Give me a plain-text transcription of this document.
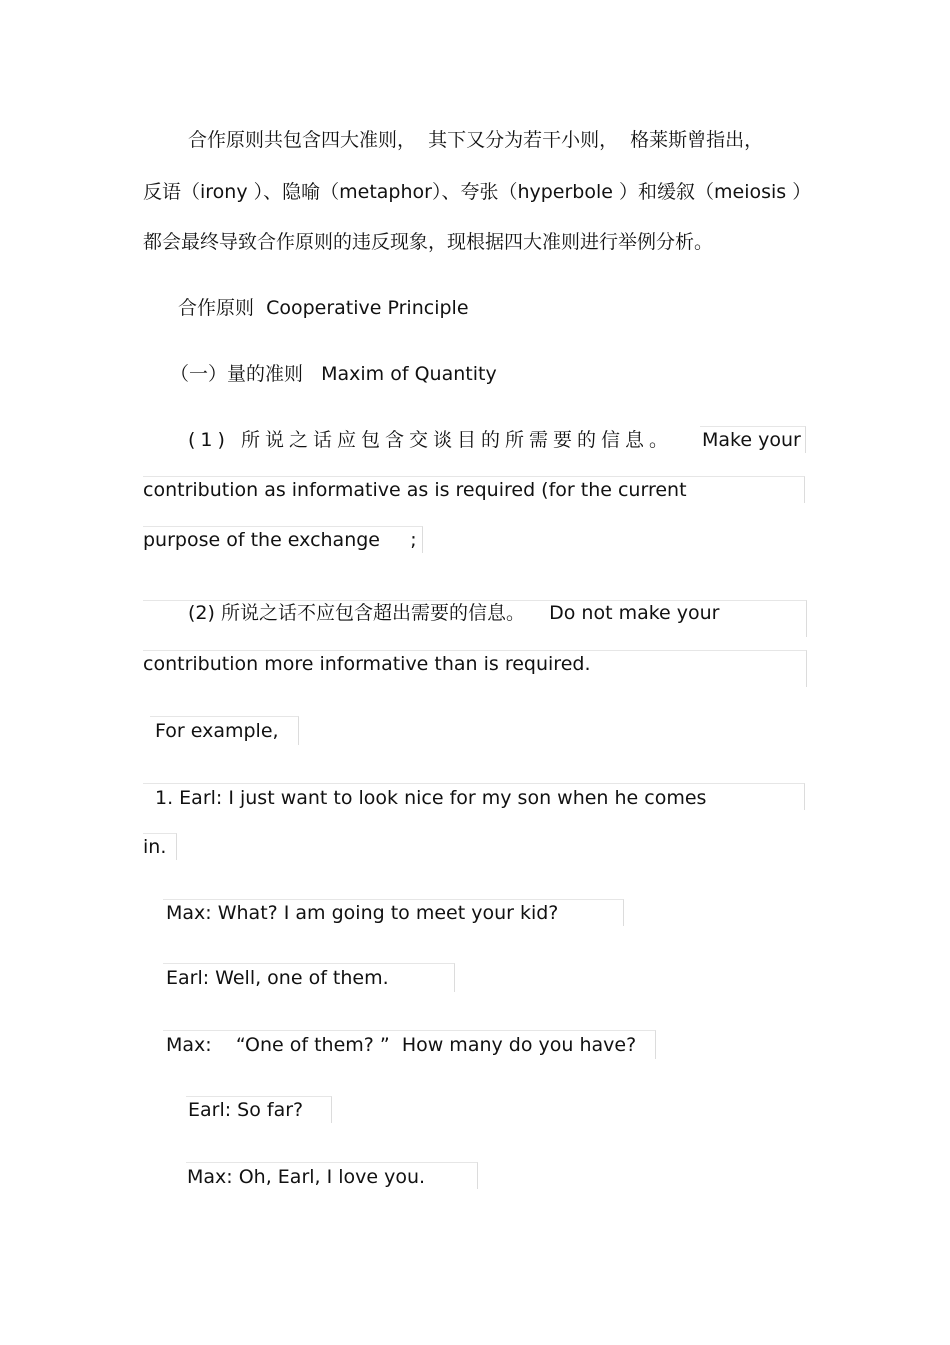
合作原则共包含四大准则，  其下又分为若干小则，  格莱斯曾指出，
反语（irony ）、隐喻（metaphor）、夸张（hyperbole ）和缓叙（meiosis ）
都会最终导致合作原则的违反现象，现根据四大准则进行举例分析。
合作原则  Cooperative Principle
（一）量的准则   Maxim of Quantity
(1) 所说之话应包含交谈目的所需要的信息。 Make your
contribution as informative as is required (for the current
purpose of the exchange     ;
(2) 所说之话不应包含超出需要的信息。    Do not make your
contribution more informative than is required.
For example,
1. Earl: I just want to look nice for my son when he comes
in.
Max: What? I am going to meet your kid?
Earl: Well, one of them.
Max:    “One of them? ”  How many do you have?
Earl: So far?
Max: Oh, Earl, I love you.
